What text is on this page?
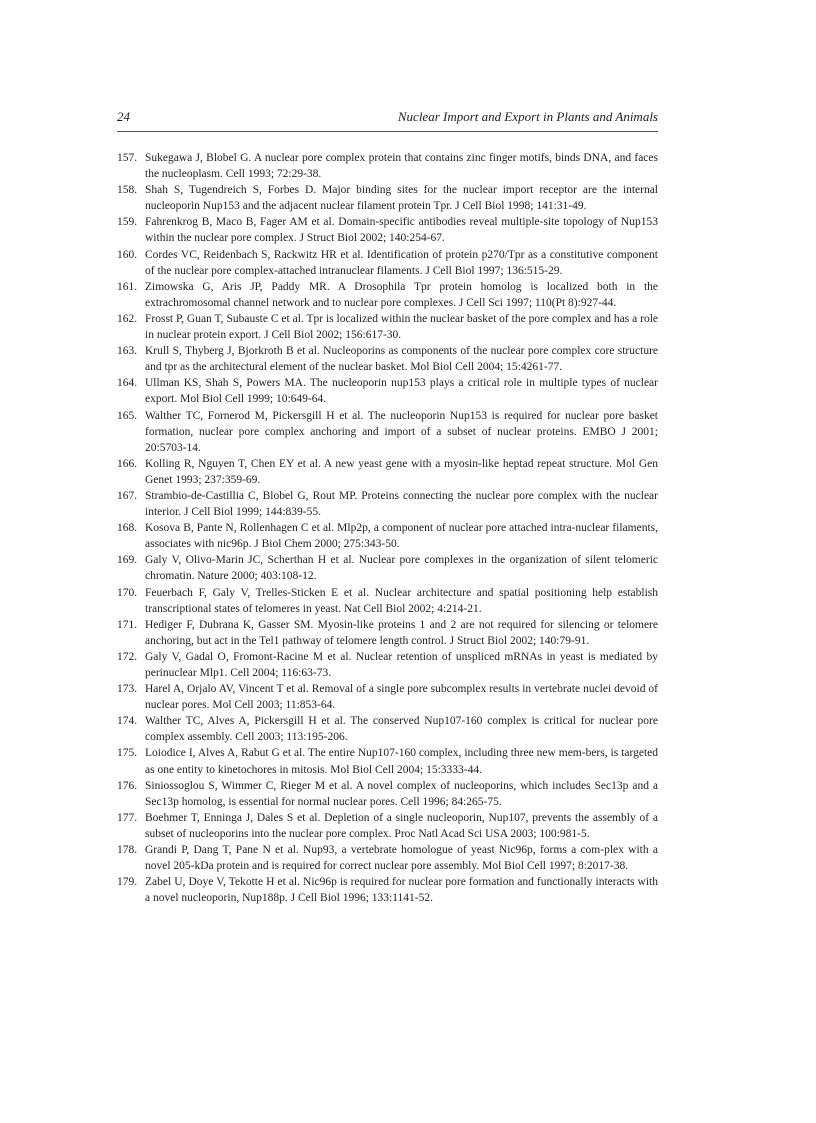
24	Nuclear Import and Export in Plants and Animals
157. Sukegawa J, Blobel G. A nuclear pore complex protein that contains zinc finger motifs, binds DNA, and faces the nucleoplasm. Cell 1993; 72:29-38.
158. Shah S, Tugendreich S, Forbes D. Major binding sites for the nuclear import receptor are the internal nucleoporin Nup153 and the adjacent nuclear filament protein Tpr. J Cell Biol 1998; 141:31-49.
159. Fahrenkrog B, Maco B, Fager AM et al. Domain-specific antibodies reveal multiple-site topology of Nup153 within the nuclear pore complex. J Struct Biol 2002; 140:254-67.
160. Cordes VC, Reidenbach S, Rackwitz HR et al. Identification of protein p270/Tpr as a constitutive component of the nuclear pore complex-attached intranuclear filaments. J Cell Biol 1997; 136:515-29.
161. Zimowska G, Aris JP, Paddy MR. A Drosophila Tpr protein homolog is localized both in the extrachromosomal channel network and to nuclear pore complexes. J Cell Sci 1997; 110(Pt 8):927-44.
162. Frosst P, Guan T, Subauste C et al. Tpr is localized within the nuclear basket of the pore complex and has a role in nuclear protein export. J Cell Biol 2002; 156:617-30.
163. Krull S, Thyberg J, Bjorkroth B et al. Nucleoporins as components of the nuclear pore complex core structure and tpr as the architectural element of the nuclear basket. Mol Biol Cell 2004; 15:4261-77.
164. Ullman KS, Shah S, Powers MA. The nucleoporin nup153 plays a critical role in multiple types of nuclear export. Mol Biol Cell 1999; 10:649-64.
165. Walther TC, Fornerod M, Pickersgill H et al. The nucleoporin Nup153 is required for nuclear pore basket formation, nuclear pore complex anchoring and import of a subset of nuclear proteins. EMBO J 2001; 20:5703-14.
166. Kolling R, Nguyen T, Chen EY et al. A new yeast gene with a myosin-like heptad repeat structure. Mol Gen Genet 1993; 237:359-69.
167. Strambio-de-Castillia C, Blobel G, Rout MP. Proteins connecting the nuclear pore complex with the nuclear interior. J Cell Biol 1999; 144:839-55.
168. Kosova B, Pante N, Rollenhagen C et al. Mlp2p, a component of nuclear pore attached intra-nuclear filaments, associates with nic96p. J Biol Chem 2000; 275:343-50.
169. Galy V, Olivo-Marin JC, Scherthan H et al. Nuclear pore complexes in the organization of silent telomeric chromatin. Nature 2000; 403:108-12.
170. Feuerbach F, Galy V, Trelles-Sticken E et al. Nuclear architecture and spatial positioning help establish transcriptional states of telomeres in yeast. Nat Cell Biol 2002; 4:214-21.
171. Hediger F, Dubrana K, Gasser SM. Myosin-like proteins 1 and 2 are not required for silencing or telomere anchoring, but act in the Tel1 pathway of telomere length control. J Struct Biol 2002; 140:79-91.
172. Galy V, Gadal O, Fromont-Racine M et al. Nuclear retention of unspliced mRNAs in yeast is mediated by perinuclear Mlp1. Cell 2004; 116:63-73.
173. Harel A, Orjalo AV, Vincent T et al. Removal of a single pore subcomplex results in vertebrate nuclei devoid of nuclear pores. Mol Cell 2003; 11:853-64.
174. Walther TC, Alves A, Pickersgill H et al. The conserved Nup107-160 complex is critical for nuclear pore complex assembly. Cell 2003; 113:195-206.
175. Loiodice I, Alves A, Rabut G et al. The entire Nup107-160 complex, including three new mem-bers, is targeted as one entity to kinetochores in mitosis. Mol Biol Cell 2004; 15:3333-44.
176. Siniossoglou S, Wimmer C, Rieger M et al. A novel complex of nucleoporins, which includes Sec13p and a Sec13p homolog, is essential for normal nuclear pores. Cell 1996; 84:265-75.
177. Boehmer T, Enninga J, Dales S et al. Depletion of a single nucleoporin, Nup107, prevents the assembly of a subset of nucleoporins into the nuclear pore complex. Proc Natl Acad Sci USA 2003; 100:981-5.
178. Grandi P, Dang T, Pane N et al. Nup93, a vertebrate homologue of yeast Nic96p, forms a com-plex with a novel 205-kDa protein and is required for correct nuclear pore assembly. Mol Biol Cell 1997; 8:2017-38.
179. Zabel U, Doye V, Tekotte H et al. Nic96p is required for nuclear pore formation and functionally interacts with a novel nucleoporin, Nup188p. J Cell Biol 1996; 133:1141-52.
